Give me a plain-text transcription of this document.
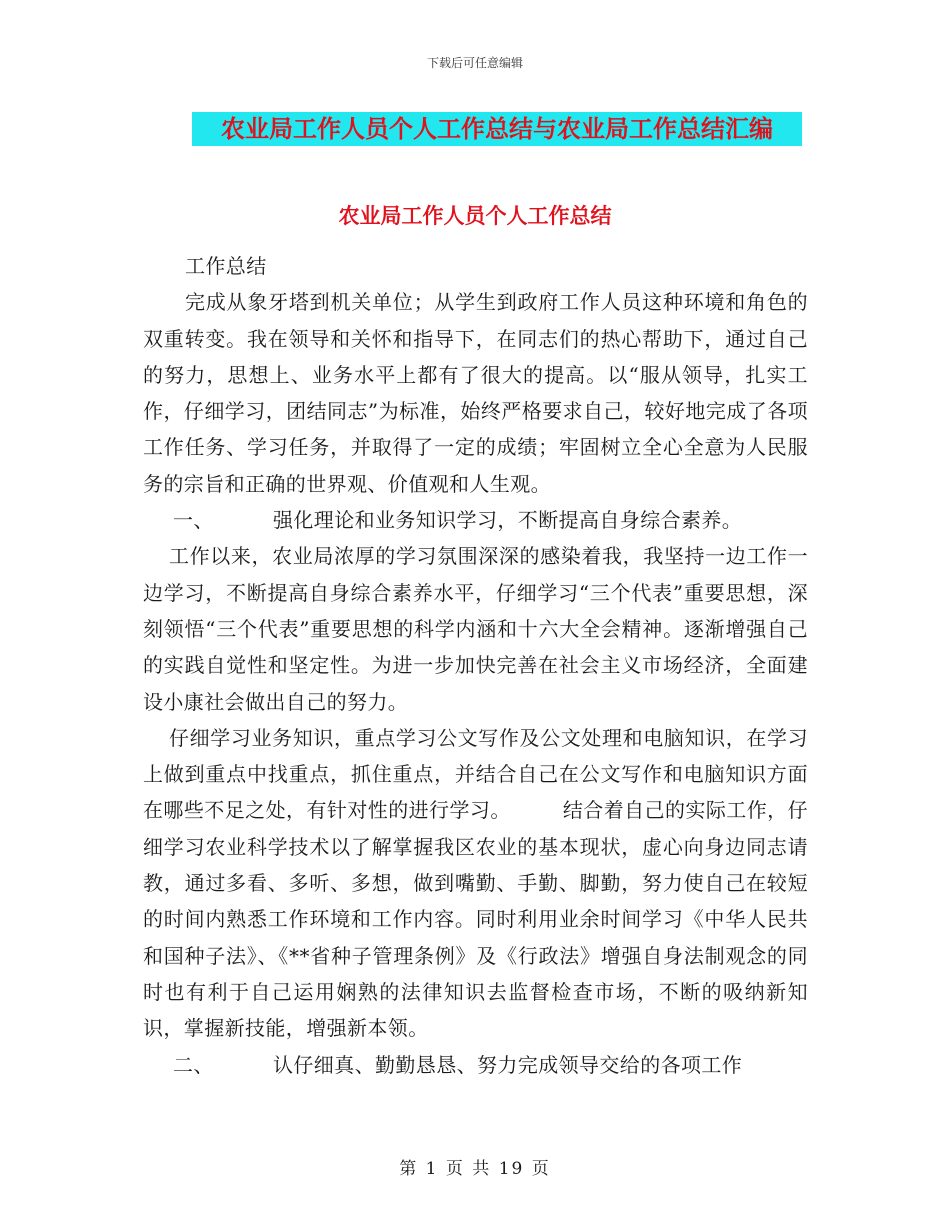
下载后可任意编辑
农业局工作人员个人工作总结与农业局工作总结汇编
农业局工作人员个人工作总结

工作总结

完成从象牙塔到机关单位；从学生到政府工作人员这种环境和角色的双重转变。我在领导和关怀和指导下，在同志们的热心帮助下，通过自己的努力，思想上、业务水平上都有了很大的提高。以“服从领导，扎实工作，仔细学习，团结同志”为标准，始终严格要求自己，较好地完成了各项工作任务、学习任务，并取得了一定的成绩；牢固树立全心全意为人民服务的宗旨和正确的世界观、价值观和人生观。

一、	强化理论和业务知识学习，不断提高自身综合素养。

工作以来，农业局浓厚的学习氛围深深的感染着我，我坚持一边工作一边学习，不断提高自身综合素养水平，仔细学习“三个代表”重要思想，深刻领悟“三个代表”重要思想的科学内涵和十六大全会精神。逐渐增强自己的实践自觉性和坚定性。为进一步加快完善在社会主义市场经济，全面建设小康社会做出自己的努力。

仔细学习业务知识，重点学习公文写作及公文处理和电脑知识，在学习上做到重点中找重点，抓住重点，并结合自己在公文写作和电脑知识方面在哪些不足之处，有针对性的进行学习。	结合着自己的实际工作，仔细学习农业科学技术以了解掌握我区农业的基本现状，虚心向身边同志请教，通过多看、多听、多想，做到嘴勤、手勤、脚勤，努力使自己在较短的时间内熟悉工作环境和工作内容。同时利用业余时间学习《中华人民共和国种子法》、《**省种子管理条例》及《行政法》增强自身法制观念的同时也有利于自己运用娴熟的法律知识去监督检查市场，不断的吸纳新知识，掌握新技能，增强新本领。

二、	认仔细真、勤勤恳恳、努力完成领导交给的各项工作

第 1 页 共 19 页
